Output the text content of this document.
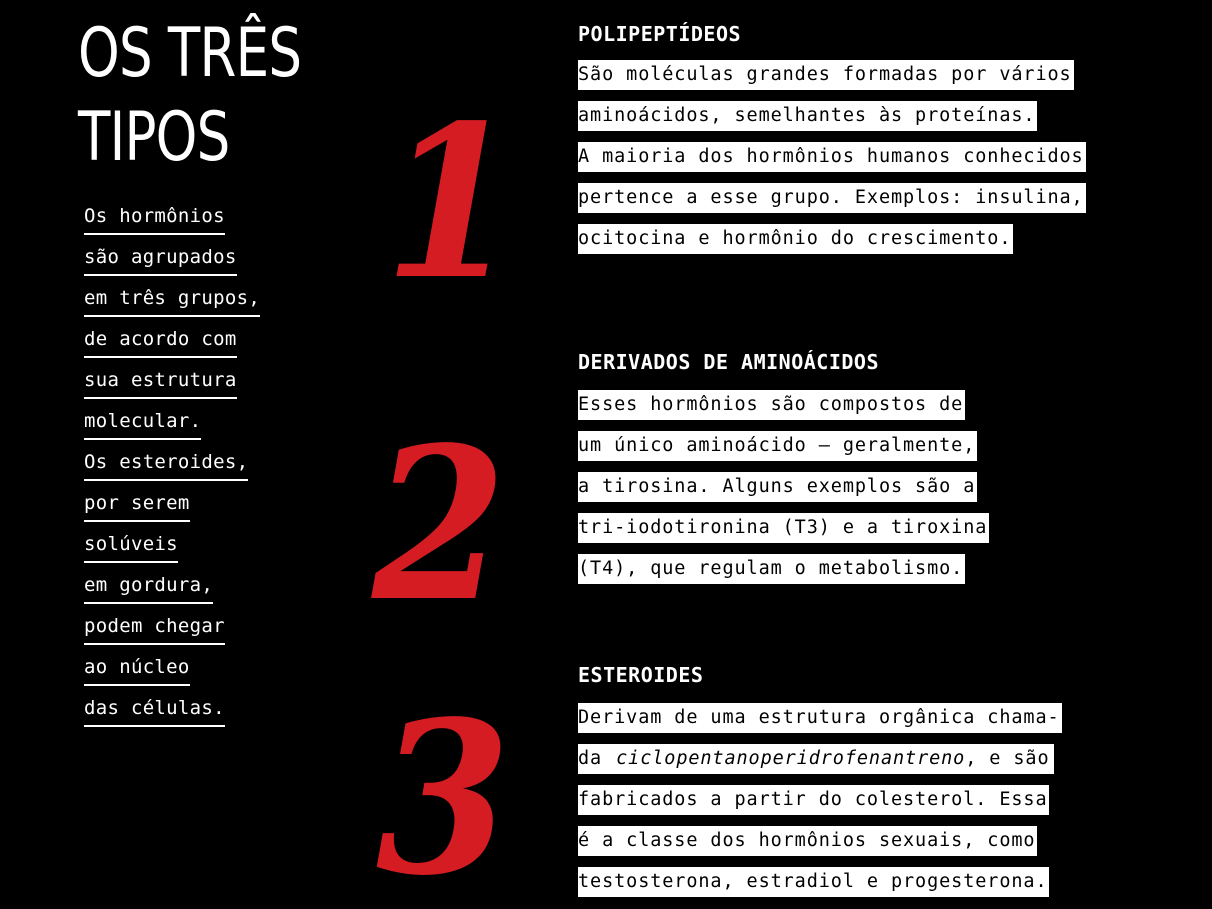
OS TRÊS
TIPOS
Os hormônios
são agrupados
em três grupos,
de acordo com
sua estrutura
molecular.
Os esteroides,
por serem
solúveis
em gordura,
podem chegar
ao núcleo
das células.
1
POLIPEPTÍDEOS
São moléculas grandes formadas por vários
aminoácidos, semelhantes às proteínas.
A maioria dos hormônios humanos conhecidos
pertence a esse grupo. Exemplos: insulina,
ocitocina e hormônio do crescimento.
2
DERIVADOS DE AMINOÁCIDOS
Esses hormônios são compostos de
um único aminoácido – geralmente,
a tirosina. Alguns exemplos são a
tri-iodotironina (T3) e a tiroxina
(T4), que regulam o metabolismo.
3	ESTEROIDES
Derivam de uma estrutura orgânica chama-
da ciclopentanoperidrofenantreno, e são
fabricados a partir do colesterol. Essa
é a classe dos hormônios sexuais, como
testosterona, estradiol e progesterona.
